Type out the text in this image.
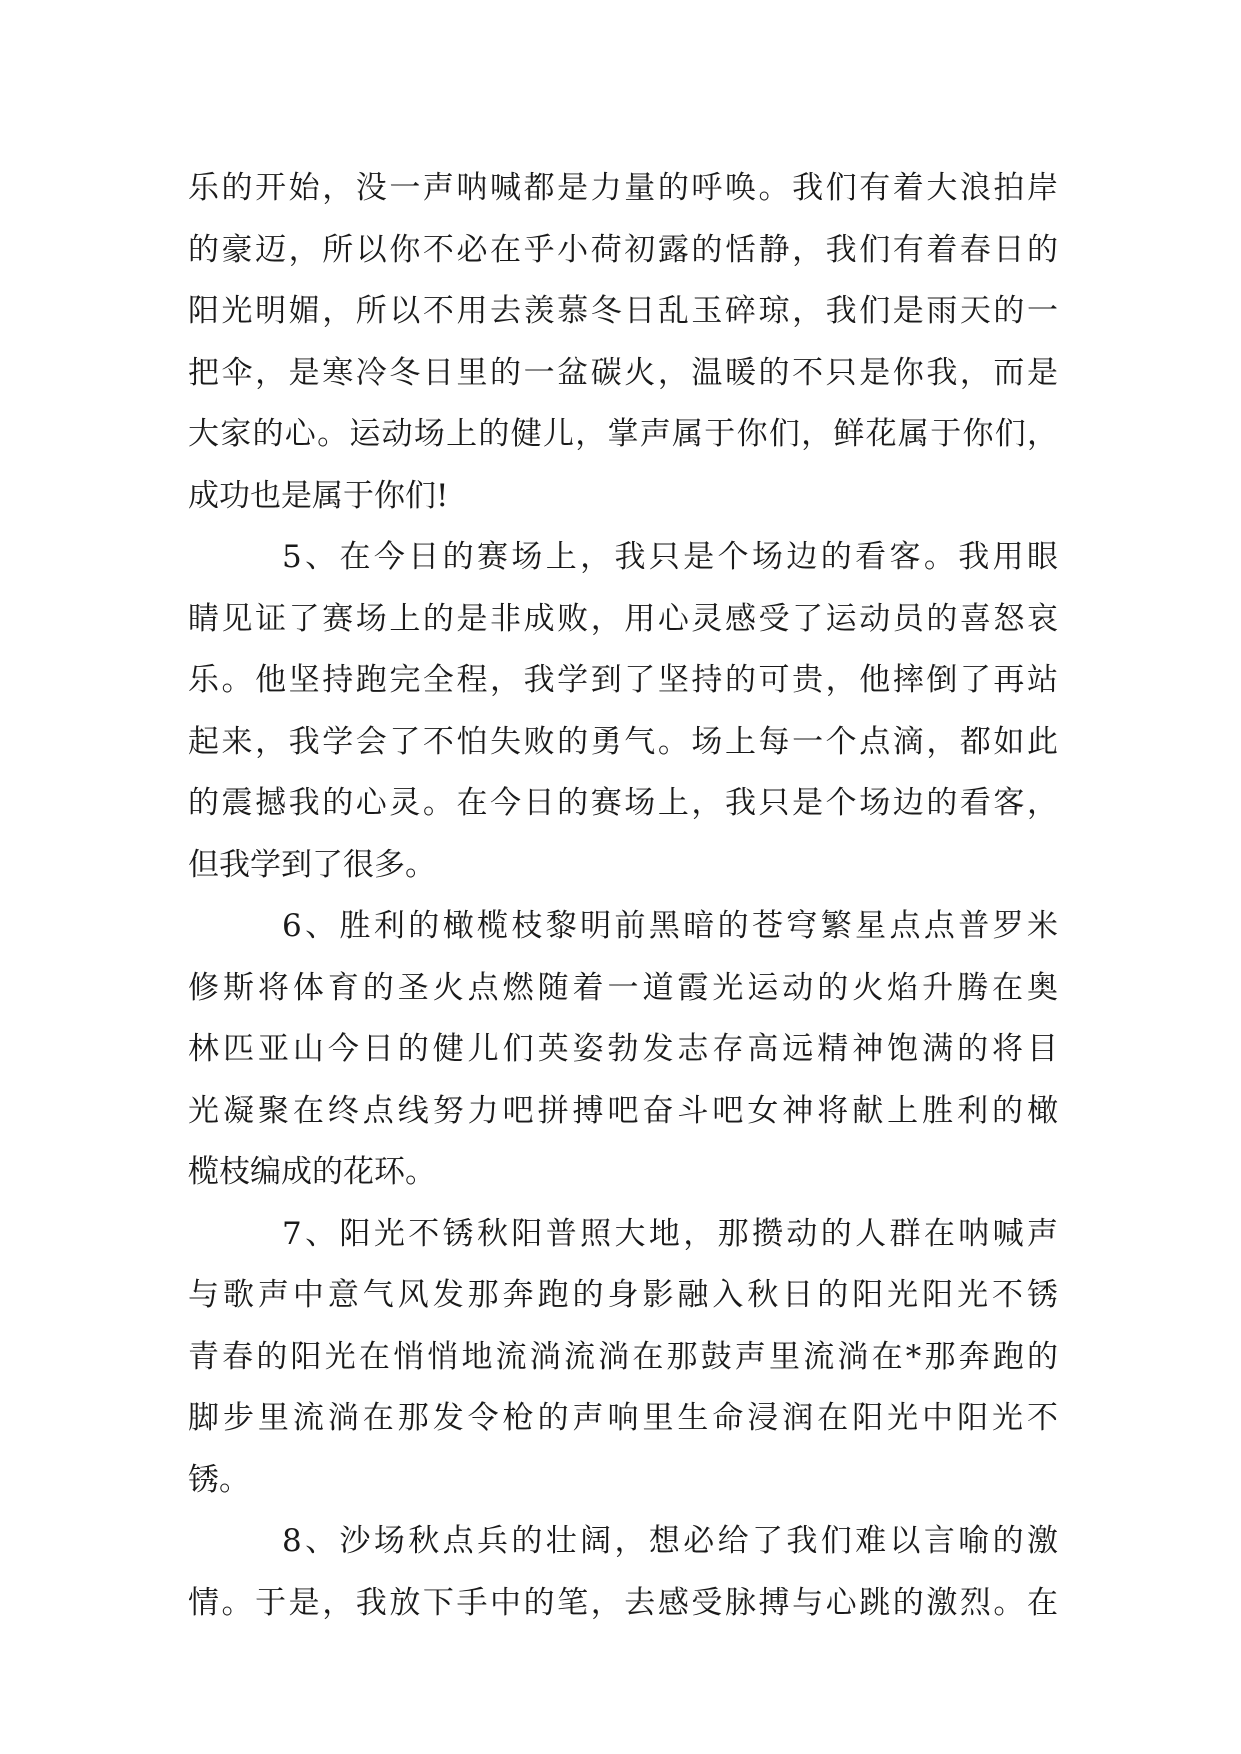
乐的开始，没一声呐喊都是力量的呼唤。我们有着大浪拍岸
的豪迈，所以你不必在乎小荷初露的恬静，我们有着春日的
阳光明媚，所以不用去羡慕冬日乱玉碎琼，我们是雨天的一
把伞，是寒冷冬日里的一盆碳火，温暖的不只是你我，而是
大家的心。运动场上的健儿，掌声属于你们，鲜花属于你们，
成功也是属于你们!
5、在今日的赛场上，我只是个场边的看客。我用眼
睛见证了赛场上的是非成败，用心灵感受了运动员的喜怒哀
乐。他坚持跑完全程，我学到了坚持的可贵，他摔倒了再站
起来，我学会了不怕失败的勇气。场上每一个点滴，都如此
的震撼我的心灵。在今日的赛场上，我只是个场边的看客，
但我学到了很多。
6、胜利的橄榄枝黎明前黑暗的苍穹繁星点点普罗米
修斯将体育的圣火点燃随着一道霞光运动的火焰升腾在奥
林匹亚山今日的健儿们英姿勃发志存高远精神饱满的将目
光凝聚在终点线努力吧拼搏吧奋斗吧女神将献上胜利的橄
榄枝编成的花环。
7、阳光不锈秋阳普照大地，那攒动的人群在呐喊声
与歌声中意气风发那奔跑的身影融入秋日的阳光阳光不锈
青春的阳光在悄悄地流淌流淌在那鼓声里流淌在*那奔跑的
脚步里流淌在那发令枪的声响里生命浸润在阳光中阳光不
锈。
8、沙场秋点兵的壮阔，想必给了我们难以言喻的激
情。于是，我放下手中的笔，去感受脉搏与心跳的激烈。在
